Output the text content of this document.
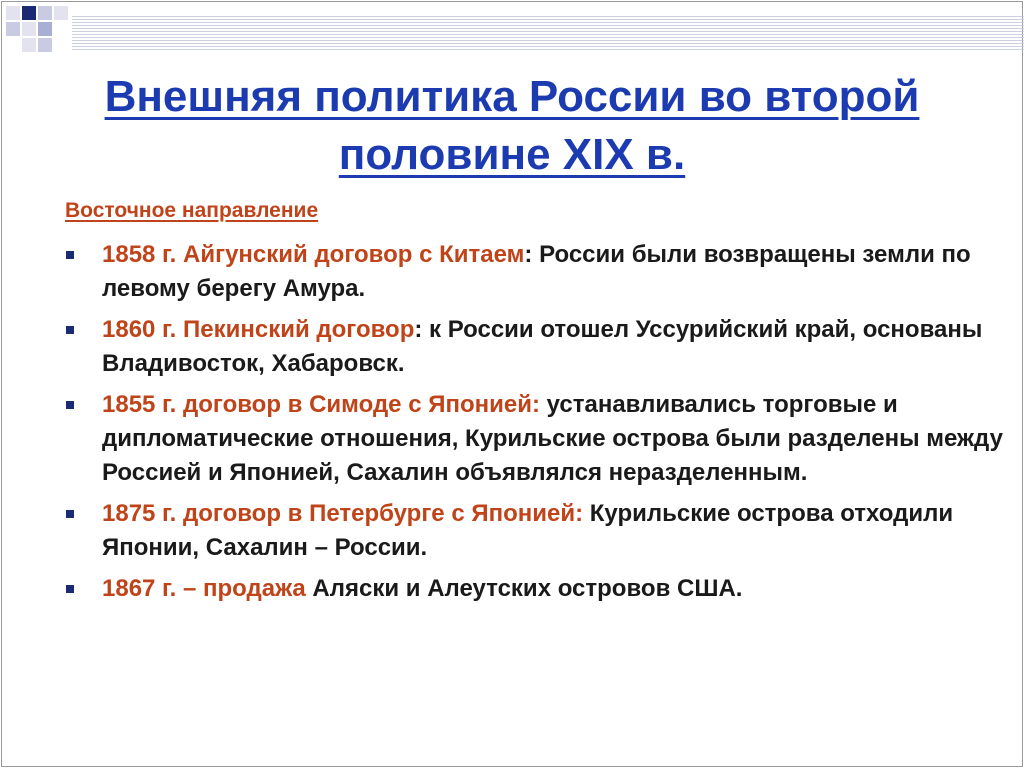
Внешняя политика России во второй половине XIX в.
Восточное направление
1858 г. Айгунский договор с Китаем: России были возвращены земли по левому берегу Амура.
1860 г. Пекинский договор: к России отошел Уссурийский край, основаны Владивосток, Хабаровск.
1855 г. договор в Симоде с Японией: устанавливались торговые и дипломатические отношения, Курильские острова были разделены между Россией и Японией, Сахалин объявлялся неразделенным.
1875 г. договор в Петербурге с Японией: Курильские острова отходили Японии, Сахалин – России.
1867 г. – продажа Аляски и Алеутских островов США.
